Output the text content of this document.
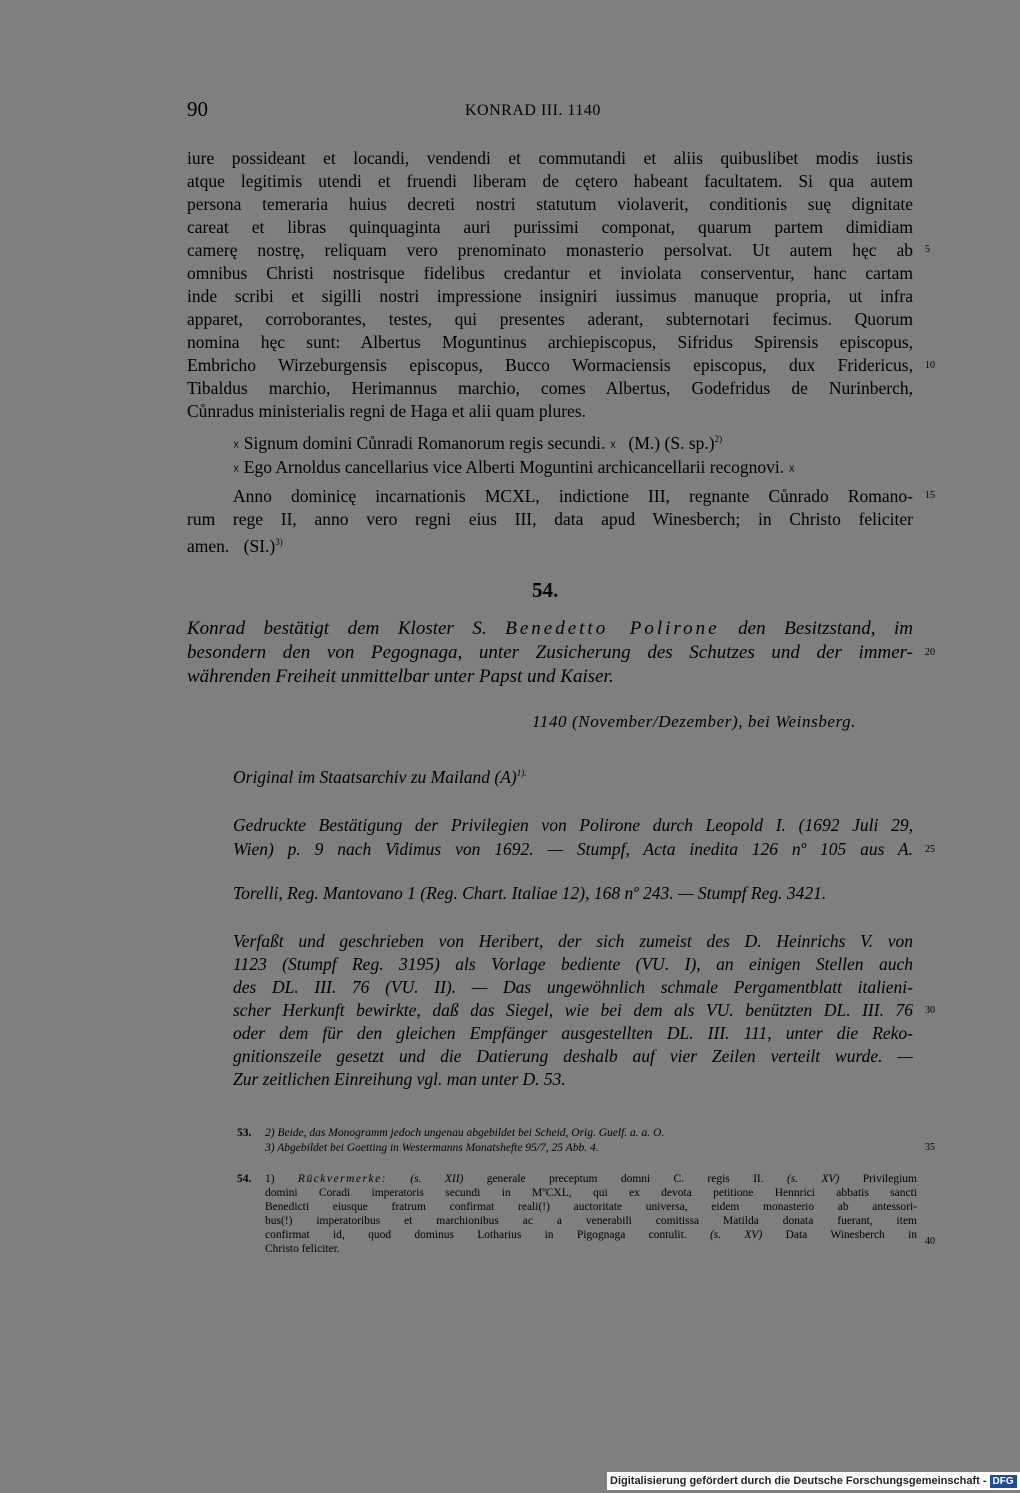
90	KONRAD III. 1140
iure possideant et locandi, vendendi et commutandi et aliis quibuslibet modis iustis
atque legitimis utendi et fruendi liberam de cętero habeant facultatem. Si qua autem
persona temeraria huius decreti nostri statutum violaverit, conditionis suę dignitate
careat et libras quinquaginta auri purissimi componat, quarum partem dimidiam
camerę nostrę, reliquam vero prenominato monasterio persolvat. Ut autem hęc ab
omnibus Christi nostrisque fidelibus credantur et inviolata conserventur, hanc cartam
inde scribi et sigilli nostri impressione insigniri iussimus manuque propria, ut infra
apparet, corroborantes, testes, qui presentes aderant, subternotari fecimus. Quorum
nomina hęc sunt: Albertus Moguntinus archiepiscopus, Sifridus Spirensis episcopus,
Embricho Wirzeburgensis episcopus, Bucco Wormaciensis episcopus, dux Fridericus,
Tibaldus marchio, Herimannus marchio, comes Albertus, Godefridus de Nurinberch,
Cůnradus ministerialis regni de Haga et alii quam plures.
☓ Signum domini Cůnradi Romanorum regis secundi. ☓ (M.) (S. sp.)$^{2)}$
☓ Ego Arnoldus cancellarius vice Alberti Moguntini archicancellarii recognovi. ☓
Anno dominicę incarnationis MCXL, indictione III, regnante Cůnrado Romano-
rum rege II, anno vero regni eius III, data apud Winesberch; in Christo feliciter
amen. $(SI.)^{3)}$
54.
Konrad bestätigt dem Kloster S. Benedetto Polirone den Besitzstand, im
besondern den von Pegognaga, unter Zusicherung des Schutzes und der immer-
währenden Freiheit unmittelbar unter Papst und Kaiser.
1140 (November/Dezember), bei Weinsberg.
Original im Staatsarchiv zu Mailand $(A)^{1).}$
Gedruckte Bestätigung der Privilegien von Polirone durch Leopold I. (1692 Juli 29,
Wien) p. 9 nach Vidimus von 1692. — Stumpf, Acta inedita 126 nº 105 aus A.
Torelli, Reg. Mantovano 1 (Reg. Chart. Italiae 12), 168 nº 243. — Stumpf Reg. 3421.
Verfaßt und geschrieben von Heribert, der sich zumeist des D. Heinrichs V. von
1123 (Stumpf Reg. 3195) als Vorlage bediente (VU. I), an einigen Stellen auch
des DL. III. 76 (VU. II). — Das ungewöhnlich schmale Pergamentblatt italieni-
scher Herkunft bewirkte, daß das Siegel, wie bei dem als VU. benützten DL. III. 76
oder dem für den gleichen Empfänger ausgestellten DL. III. 111, unter die Reko-
gnitionszeile gesetzt und die Datierung deshalb auf vier Zeilen verteilt wurde. —
Zur zeitlichen Einreihung vgl. man unter D. 53.
53. 2) Beide, das Monogramm jedoch ungenau abgebildet bei Scheid, Orig. Guelf. a. a. O.
3) Abgebildet bei Goetting in Westermanns Monatshefte 95/7, 25 Abb. 4.
54. 1) Rückvermerke: (s. XII) generale preceptum domni C. regis II. (s. XV) Privilegium
domini Coradi imperatoris secundi in MºCXL, qui ex devota petitione Hennrici abbatis sancti
Benedicti eiusque fratrum confirmat reali(!) auctoritate universa, eidem monasterio ab antessori-
bus(!) imperatoribus et marchionibus ac a venerabili comitissa Matilda donata fuerant, item
confirmat id, quod dominus Lotharius in Pigognaga contulit. (s. XV) Data Winesberch in
Christo feliciter.
5
10
15
20
25
30
35
40
Digitalisierung gefördert durch die Deutsche Forschungsgemeinschaft - DFG
